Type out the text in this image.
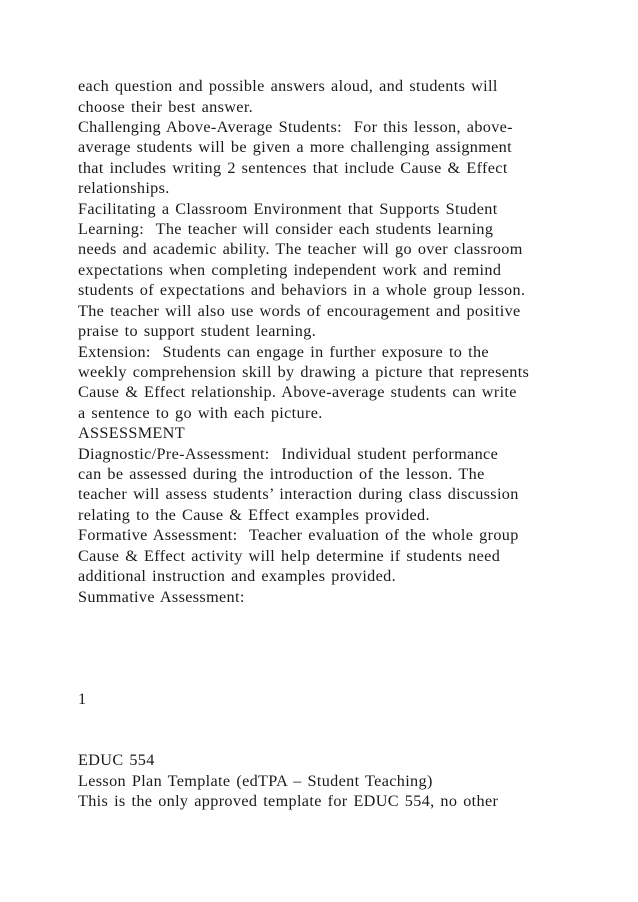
each question and possible answers aloud, and students will

choose their best answer.

Challenging Above-Average Students:  For this lesson, above-

average students will be given a more challenging assignment

that includes writing 2 sentences that include Cause & Effect

relationships.

Facilitating a Classroom Environment that Supports Student

Learning:  The teacher will consider each students learning

needs and academic ability. The teacher will go over classroom

expectations when completing independent work and remind

students of expectations and behaviors in a whole group lesson.

The teacher will also use words of encouragement and positive

praise to support student learning.

Extension:  Students can engage in further exposure to the

weekly comprehension skill by drawing a picture that represents

Cause & Effect relationship. Above-average students can write

a sentence to go with each picture.

ASSESSMENT

Diagnostic/Pre-Assessment:  Individual student performance

can be assessed during the introduction of the lesson. The

teacher will assess students’ interaction during class discussion

relating to the Cause & Effect examples provided.

Formative Assessment:  Teacher evaluation of the whole group

Cause & Effect activity will help determine if students need

additional instruction and examples provided.

Summative Assessment:

1

EDUC 554

Lesson Plan Template (edTPA – Student Teaching)

This is the only approved template for EDUC 554, no other
